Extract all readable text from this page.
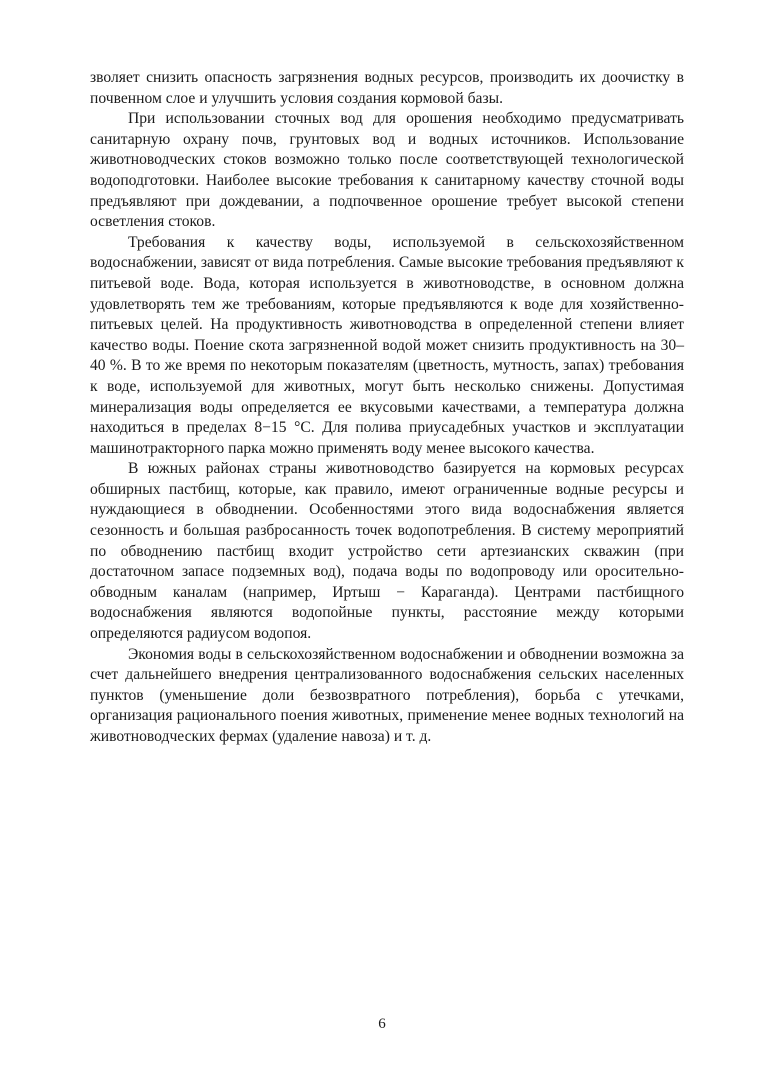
зволяет снизить опасность загрязнения водных ресурсов, производить их доочистку в почвенном слое и улучшить условия создания кормовой базы.

При использовании сточных вод для орошения необходимо предусматривать санитарную охрану почв, грунтовых вод и водных источников. Использование животноводческих стоков возможно только после соответствующей технологической водоподготовки. Наиболее высокие требования к санитарному качеству сточной воды предъявляют при дождевании, а подпочвенное орошение требует высокой степени осветления стоков.

Требования к качеству воды, используемой в сельскохозяйственном водоснабжении, зависят от вида потребления. Самые высокие требования предъявляют к питьевой воде. Вода, которая используется в животноводстве, в основном должна удовлетворять тем же требованиям, которые предъявляются к воде для хозяйственно-питьевых целей. На продуктивность животноводства в определенной степени влияет качество воды. Поение скота загрязненной водой может снизить продуктивность на 30–40 %. В то же время по некоторым показателям (цветность, мутность, запах) требования к воде, используемой для животных, могут быть несколько снижены. Допустимая минерализация воды определяется ее вкусовыми качествами, а температура должна находиться в пределах 8−15 °С. Для полива приусадебных участков и эксплуатации машинотракторного парка можно применять воду менее высокого качества.

В южных районах страны животноводство базируется на кормовых ресурсах обширных пастбищ, которые, как правило, имеют ограниченные водные ресурсы и нуждающиеся в обводнении. Особенностями этого вида водоснабжения является сезонность и большая разбросанность точек водопотребления. В систему мероприятий по обводнению пастбищ входит устройство сети артезианских скважин (при достаточном запасе подземных вод), подача воды по водопроводу или оросительно-обводным каналам (например, Иртыш − Караганда). Центрами пастбищного водоснабжения являются водопойные пункты, расстояние между которыми определяются радиусом водопоя.

Экономия воды в сельскохозяйственном водоснабжении и обводнении возможна за счет дальнейшего внедрения централизованного водоснабжения сельских населенных пунктов (уменьшение доли безвозвратного потребления), борьба с утечками, организация рационального поения животных, применение менее водных технологий на животноводческих фермах (удаление навоза) и т. д.

6
